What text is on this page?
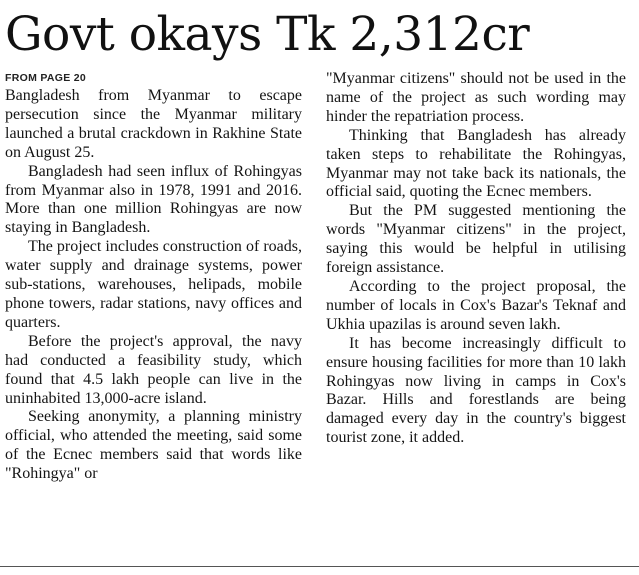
Govt okays Tk 2,312cr
FROM PAGE 20

Bangladesh from Myanmar to escape persecution since the Myanmar military launched a brutal crackdown in Rakhine State on August 25.

Bangladesh had seen influx of Rohingyas from Myanmar also in 1978, 1991 and 2016. More than one million Rohingyas are now staying in Bangladesh.

The project includes construction of roads, water supply and drainage systems, power sub-stations, warehouses, helipads, mobile phone towers, radar stations, navy offices and quarters.

Before the project's approval, the navy had conducted a feasibility study, which found that 4.5 lakh people can live in the uninhabited 13,000-acre island.

Seeking anonymity, a planning ministry official, who attended the meeting, said some of the Ecnec members said that words like "Rohingya" or

"Myanmar citizens" should not be used in the name of the project as such wording may hinder the repatriation process.

Thinking that Bangladesh has already taken steps to rehabilitate the Rohingyas, Myanmar may not take back its nationals, the official said, quoting the Ecnec members.

But the PM suggested mentioning the words "Myanmar citizens" in the project, saying this would be helpful in utilising foreign assistance.

According to the project proposal, the number of locals in Cox's Bazar's Teknaf and Ukhia upazilas is around seven lakh.

It has become increasingly difficult to ensure housing facilities for more than 10 lakh Rohingyas now living in camps in Cox's Bazar. Hills and forestlands are being damaged every day in the country's biggest tourist zone, it added.
